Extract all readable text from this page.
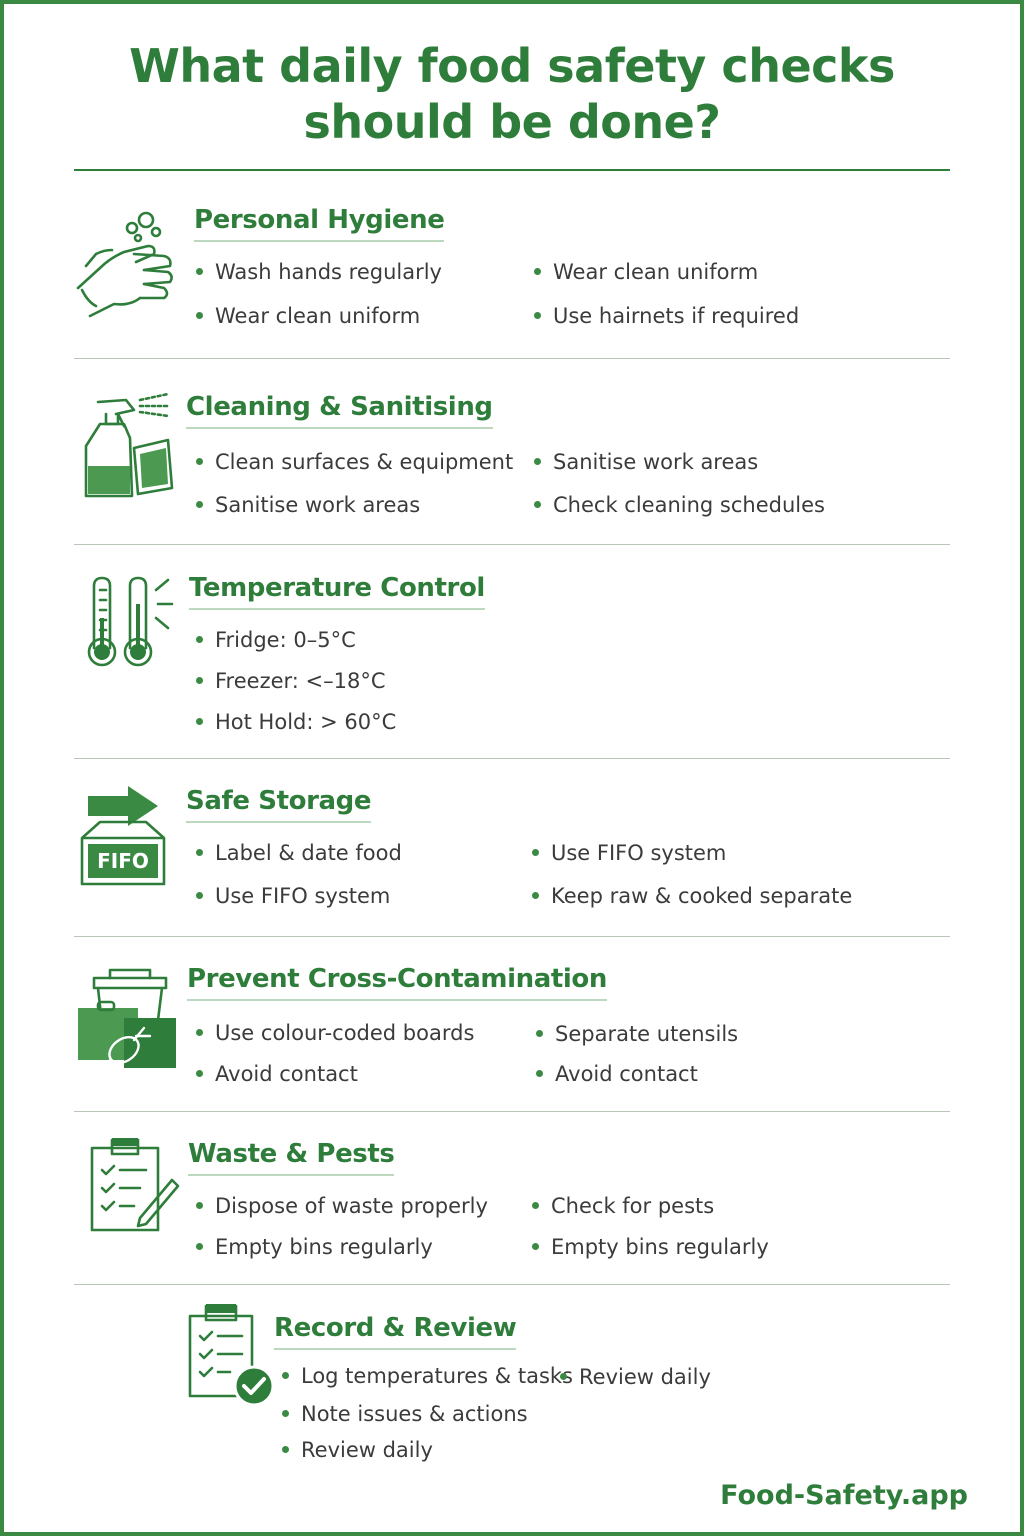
What daily food safety checks
should be done?
Personal Hygiene
Wash hands regularly
Wear clean uniform
Wear clean uniform
Use hairnets if required
Cleaning & Sanitising
Clean surfaces & equipment
Sanitise work areas
Sanitise work areas
Check cleaning schedules
Temperature Control
Fridge: 0–5°C
Freezer: <–18°C
Hot Hold: > 60°C
FIFO
Safe Storage
Label & date food
Use FIFO system
Use FIFO system
Keep raw & cooked separate
Prevent Cross-Contamination
Use colour-coded boards
Avoid contact
Separate utensils
Avoid contact
Waste & Pests
Dispose of waste properly
Empty bins regularly
Check for pests
Empty bins regularly
Record & Review
Log temperatures & tasks
Note issues & actions
Review daily
Review daily
Food-Safety.app
